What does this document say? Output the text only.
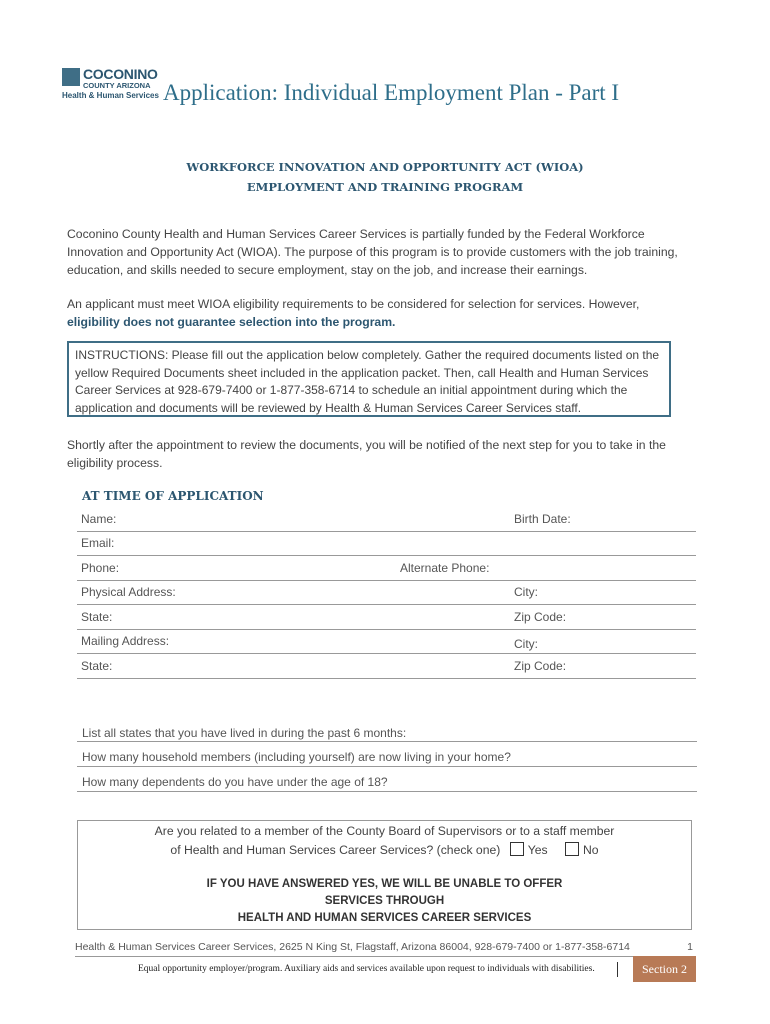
COCONINO
COUNTY ARIZONA
Health & Human Services Application: Individual Employment Plan - Part I
WORKFORCE INNOVATION AND OPPORTUNITY ACT (WIOA)
EMPLOYMENT AND TRAINING PROGRAM
Coconino County Health and Human Services Career Services is partially funded by the Federal Workforce Innovation and Opportunity Act (WIOA). The purpose of this program is to provide customers with the job training, education, and skills needed to secure employment, stay on the job, and increase their earnings.
An applicant must meet WIOA eligibility requirements to be considered for selection for services. However,
eligibility does not guarantee selection into the program.
INSTRUCTIONS: Please fill out the application below completely. Gather the required documents listed on the yellow Required Documents sheet included in the application packet. Then, call Health and Human Services Career Services at 928-679-7400 or 1-877-358-6714 to schedule an initial appointment during which the application and documents will be reviewed by Health & Human Services Career Services staff.
Shortly after the appointment to review the documents, you will be notified of the next step for you to take in the eligibility process.
AT TIME OF APPLICATION
Name:	Birth Date:
Email:
Phone:	Alternate Phone:
Physical Address:	City:
State:	Zip Code:
Mailing Address:	City:
State:	Zip Code:
List all states that you have lived in during the past 6 months:
How many household members (including yourself) are now living in your home?
How many dependents do you have under the age of 18?
Are you related to a member of the County Board of Supervisors or to a staff member
of Health and Human Services Career Services? (check one) Yes	No
IF YOU HAVE ANSWERED YES, WE WILL BE UNABLE TO OFFER
SERVICES THROUGH
HEALTH AND HUMAN SERVICES CAREER SERVICES
Health & Human Services Career Services, 2625 N King St, Flagstaff, Arizona 86004, 928-679-7400 or 1-877-358-6714	1
Equal opportunity employer/program. Auxiliary aids and services available upon request to individuals with disabilities.	Section 2
